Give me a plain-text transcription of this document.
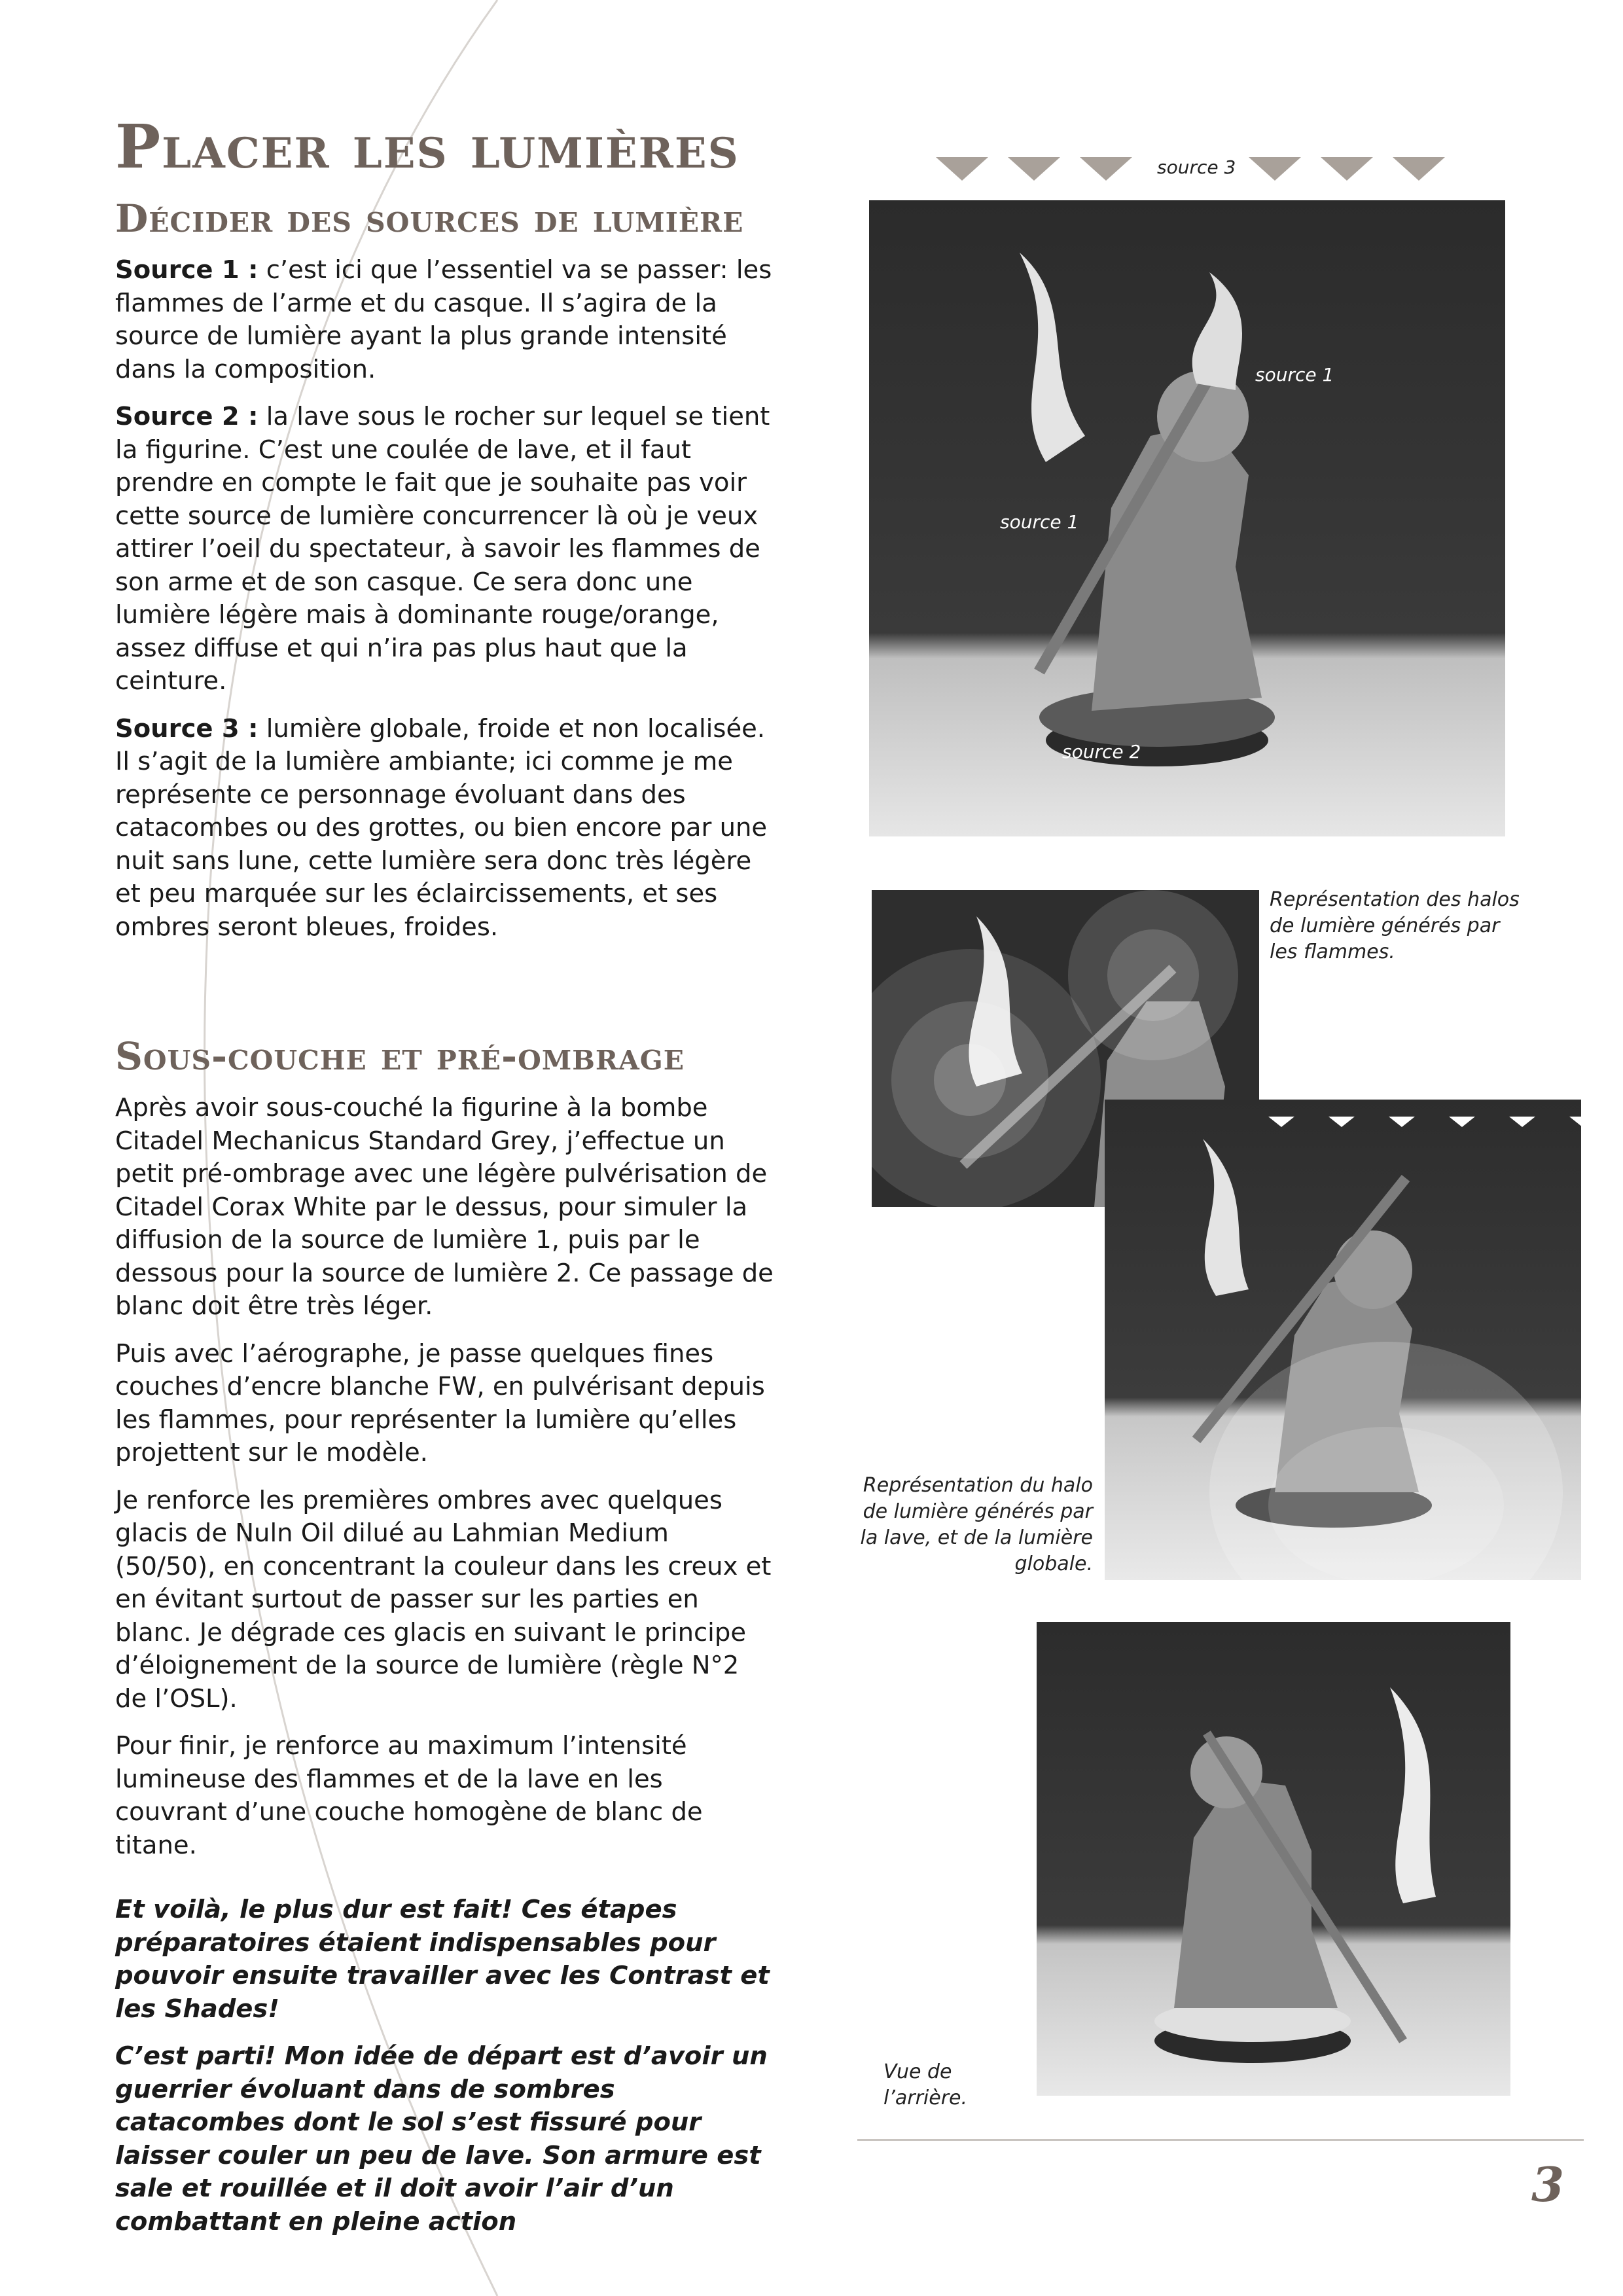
Placer les lumières
Décider des sources de lumière

Source 1 : c’est ici que l’essentiel va se passer: les flammes de l’arme et du casque. Il s’agira de la source de lumière ayant la plus grande intensité dans la composition.

Source 2 : la lave sous le rocher sur lequel se tient la figurine. C’est une coulée de lave, et il faut prendre en compte le fait que je souhaite pas voir cette source de lumière concurrencer là où je veux attirer l’oeil du spectateur, à savoir les flammes de son arme et de son casque. Ce sera donc une lumière légère mais à dominante rouge/orange, assez diffuse et qui n’ira pas plus haut que la ceinture.

Source 3 : lumière globale, froide et non localisée. Il s’agit de la lumière ambiante; ici comme je me représente ce personnage évoluant dans des catacombes ou des grottes, ou bien encore par une nuit sans lune, cette lumière sera donc très légère et peu marquée sur les éclaircissements, et ses ombres seront bleues, froides.

Sous-couche et pré-ombrage

Après avoir sous-couché la figurine à la bombe Citadel Mechanicus Standard Grey, j’effectue un petit pré-ombrage avec une légère pulvérisation de Citadel Corax White par le dessus, pour simuler la diffusion de la source de lumière 1, puis par le dessous pour la source de lumière 2. Ce passage de blanc doit être très léger.

Puis avec l’aérographe, je passe quelques fines couches d’encre blanche FW, en pulvérisant depuis les flammes, pour représenter la lumière qu’elles projettent sur le modèle.

Je renforce les premières ombres avec quelques glacis de Nuln Oil dilué au Lahmian Medium (50/50), en concentrant la couleur dans les creux et en évitant surtout de passer sur les parties en blanc. Je dégrade ces glacis en suivant le principe d’éloignement de la source de lumière (règle N°2 de l’OSL).

Pour finir, je renforce au maximum l’intensité lumineuse des flammes et de la lave en les couvrant d’une couche homogène de blanc de titane.

Et voilà, le plus dur est fait! Ces étapes préparatoires étaient indispensables pour pouvoir ensuite travailler avec les Contrast et les Shades!

C’est parti! Mon idée de départ est d’avoir un guerrier évoluant dans de sombres catacombes dont le sol s’est fissuré pour laisser couler un peu de lave. Son armure est sale et rouillée et il doit avoir l’air d’un combattant en pleine action

source 3
source 1
source 1
source 2
Représentation des halos de lumière générés par les flammes.
Représentation du halo de lumière générés par la lave, et de la lumière globale.
Vue de l’arrière.
3
